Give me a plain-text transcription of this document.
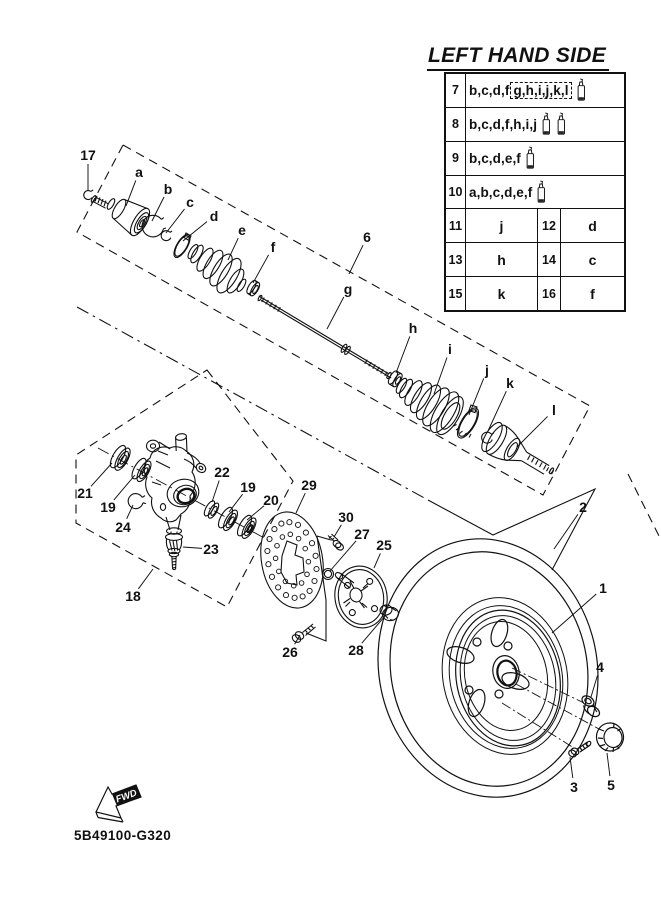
FWD
17
a
b
c
d
e
f
6
g
h
i
j
k
l
2
1
4
3 5
21
19
24
23
18
22
19
20
29
30
27
25
26	28
LEFT HAND SIDE
7 b,c,d,f g,h,i,j,k,l
8 b,c,d,f,h,i,j
9 b,c,d,e,f
10 a,b,c,d,e,f
11	j	12	d
13	h	14	c
15	k	16	f
5B49100-G320
